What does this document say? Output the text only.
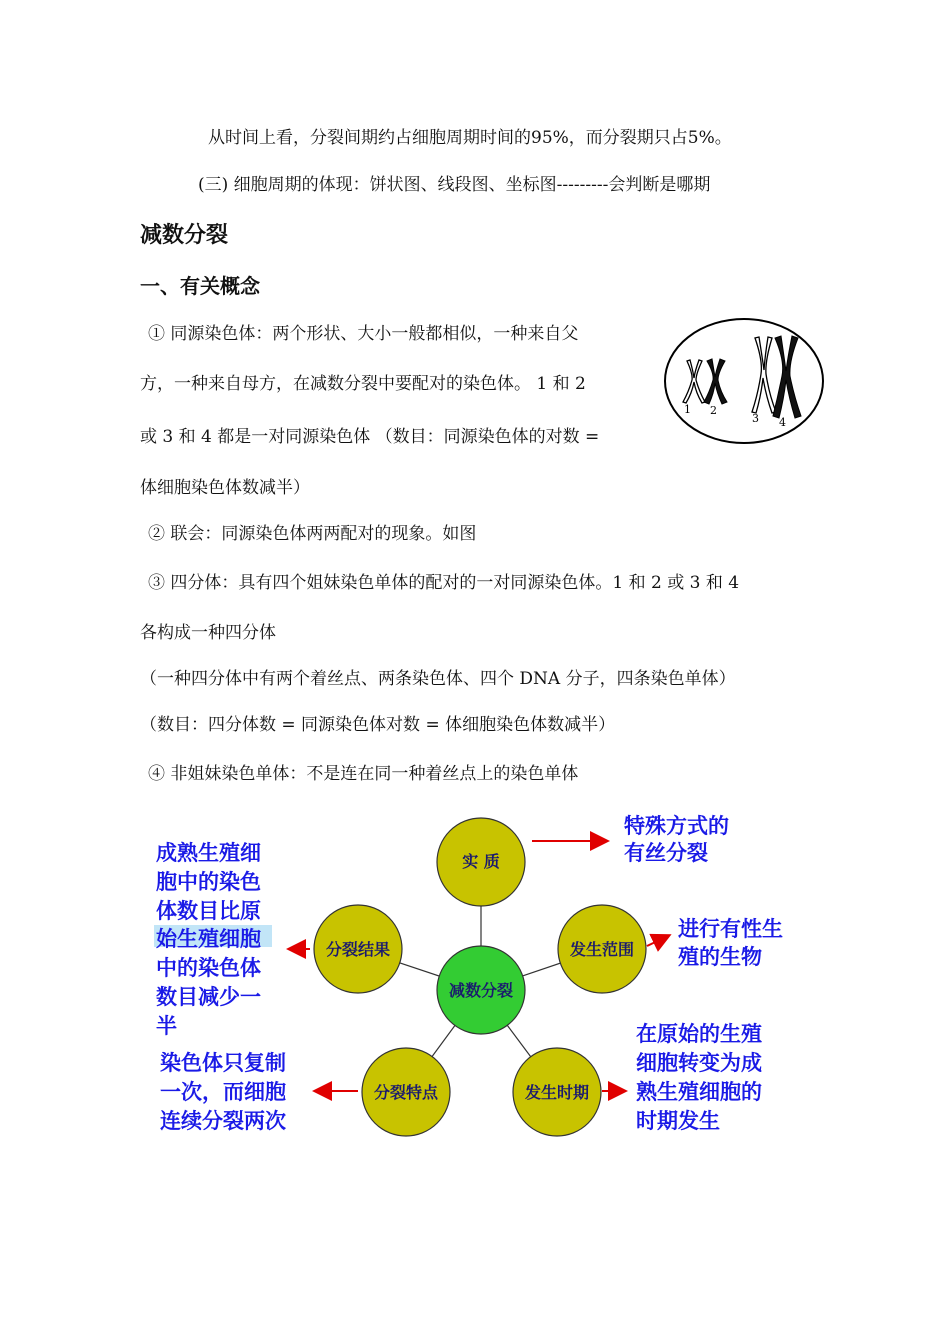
从时间上看，分裂间期约占细胞周期时间的95%，而分裂期只占5%。
(三) 细胞周期的体现：饼状图、线段图、坐标图---------会判断是哪期
减数分裂
一、有关概念
① 同源染色体：两个形状、大小一般都相似，一种来自父
方，一种来自母方，在减数分裂中要配对的染色体。 1 和 2
或 3 和 4 都是一对同源染色体 （数目：同源染色体的对数 =
体细胞染色体数减半）
② 联会：同源染色体两两配对的现象。如图
③ 四分体：具有四个姐妹染色单体的配对的一对同源染色体。1 和 2 或 3 和 4
各构成一种四分体
（一种四分体中有两个着丝点、两条染色体、四个 DNA 分子，四条染色单体）
（数目：四分体数 = 同源染色体对数 = 体细胞染色体数减半）
④ 非姐妹染色单体：不是连在同一种着丝点上的染色单体
1 2
3 4
实 质
发生范围
发生时期
分裂特点
分裂结果
减数分裂
特殊方式的
有丝分裂
进行有性生
殖的生物
在原始的生殖
细胞转变为成
熟生殖细胞的
时期发生
染色体只复制
一次，而细胞
连续分裂两次
成熟生殖细
胞中的染色
体数目比原
始生殖细胞
中的染色体
数目减少一
半
